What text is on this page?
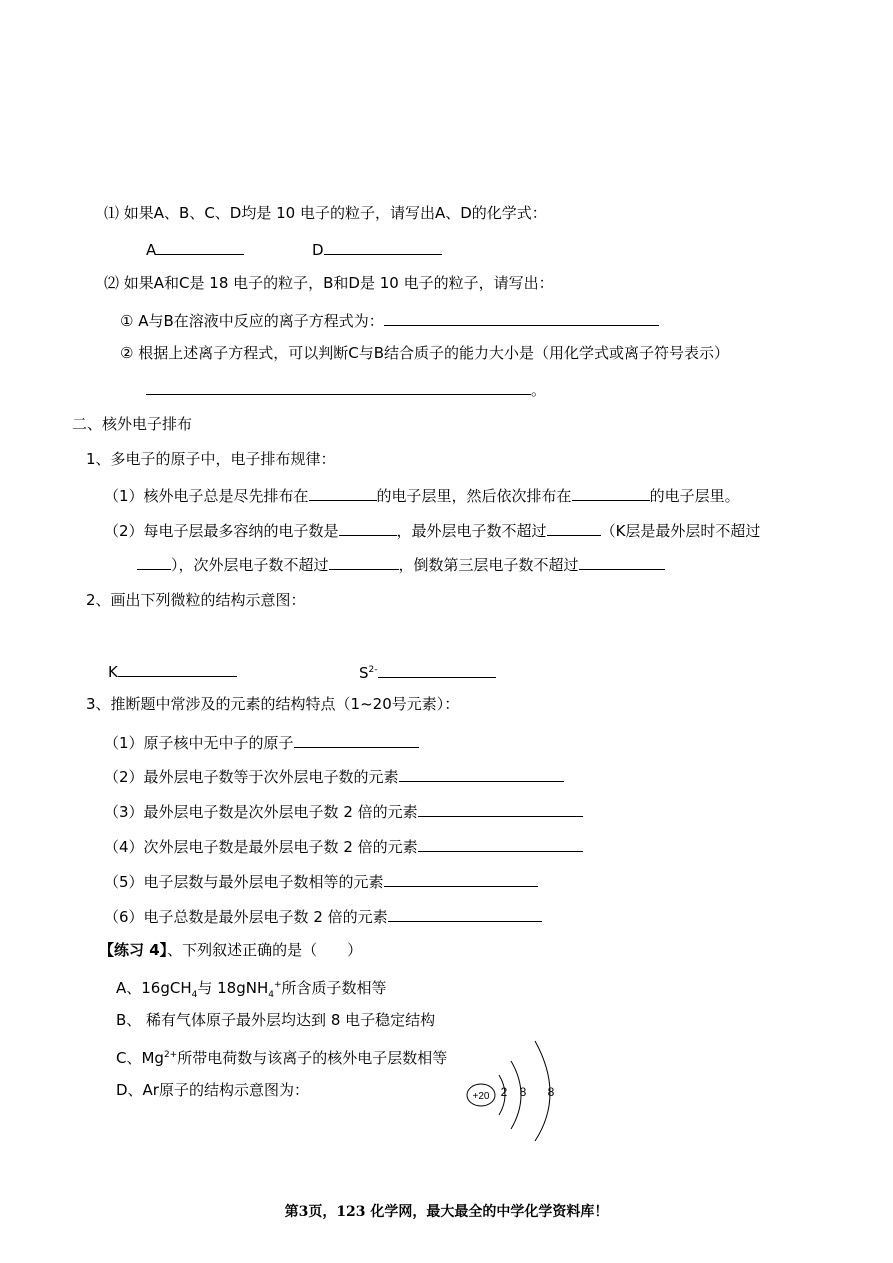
⑴ 如果A、B、C、D均是 10 电子的粒子，请写出A、D的化学式：
A	D
⑵ 如果A和C是 18 电子的粒子，B和D是 10 电子的粒子，请写出：
① A与B在溶液中反应的离子方程式为：
② 根据上述离子方程式，可以判断C与B结合质子的能力大小是（用化学式或离子符号表示）
。
二、核外电子排布
1、多电子的原子中，电子排布规律：
（1）核外电子总是尽先排布在	的电子层里，然后依次排布在	的电子层里。
（2）每电子层最多容纳的电子数是	，最外层电子数不超过	（K层是最外层时不超过
），次外层电子数不超过	，倒数第三层电子数不超过
2、画出下列微粒的结构示意图：
K	$S^{2-}$
3、推断题中常涉及的元素的结构特点（1~20号元素）：
（1）原子核中无中子的原子
（2）最外层电子数等于次外层电子数的元素
（3）最外层电子数是次外层电子数 2 倍的元素
（4）次外层电子数是最外层电子数 2 倍的元素
（5）电子层数与最外层电子数相等的元素
（6）电子总数是最外层电子数 2 倍的元素
【练习 4】、下列叙述正确的是（　　）
A、16gCH$_4$与 18gNH$_4$+所含质子数相等
B、 稀有气体原子最外层均达到 8 电子稳定结构
C、$Mg^{2+}$所带电荷数与该离子的核外电子层数相等
D、Ar原子的结构示意图为：	+20 2 8 8
第3页，123 化学网，最大最全的中学化学资料库！
